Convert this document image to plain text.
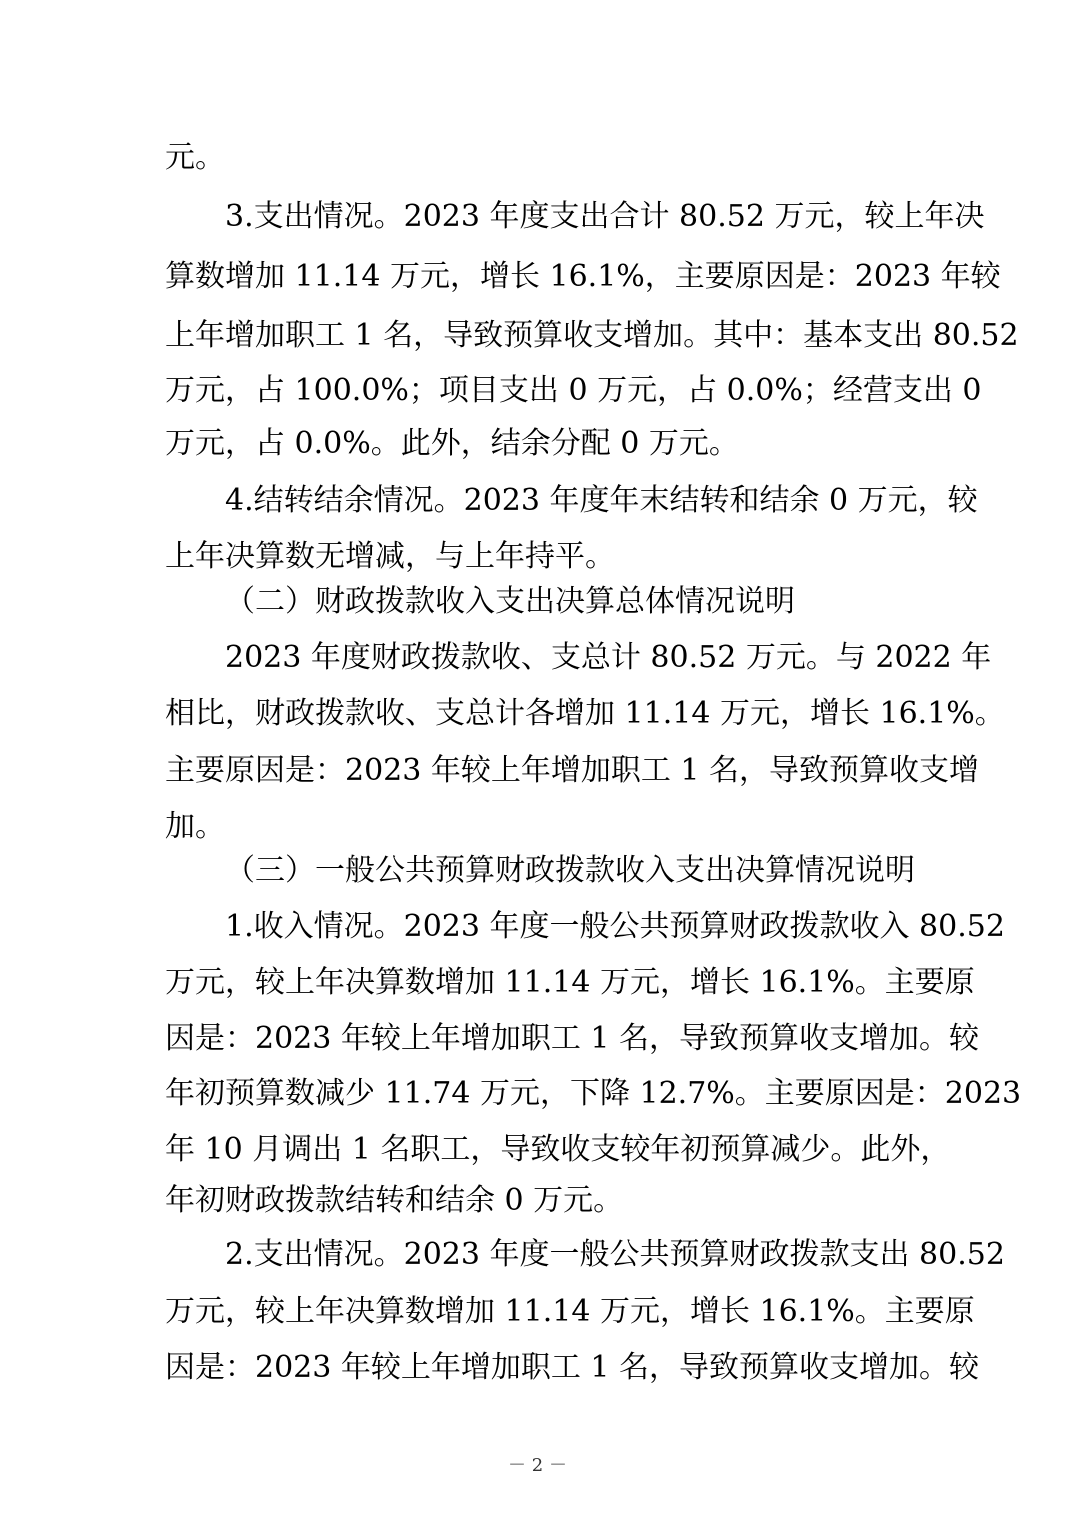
元。
3.支出情况。2023 年度支出合计 80.52 万元，较上年决
算数增加 11.14 万元，增长 16.1%，主要原因是：2023 年较
上年增加职工 1 名，导致预算收支增加。其中：基本支出 80.52
万元，占 100.0%；项目支出 0 万元，占 0.0%；经营支出 0
万元，占 0.0%。此外，结余分配 0 万元。
4.结转结余情况。2023 年度年末结转和结余 0 万元，较
上年决算数无增减，与上年持平。
（二）财政拨款收入支出决算总体情况说明
2023 年度财政拨款收、支总计 80.52 万元。与 2022 年
相比，财政拨款收、支总计各增加 11.14 万元，增长 16.1%。
主要原因是：2023 年较上年增加职工 1 名，导致预算收支增
加。
（三）一般公共预算财政拨款收入支出决算情况说明
1.收入情况。2023 年度一般公共预算财政拨款收入 80.52
万元，较上年决算数增加 11.14 万元，增长 16.1%。主要原
因是：2023 年较上年增加职工 1 名，导致预算收支增加。较
年初预算数减少 11.74 万元，下降 12.7%。主要原因是：2023
年 10 月调出 1 名职工，导致收支较年初预算减少。此外，
年初财政拨款结转和结余 0 万元。
2.支出情况。2023 年度一般公共预算财政拨款支出 80.52
万元，较上年决算数增加 11.14 万元，增长 16.1%。主要原
因是：2023 年较上年增加职工 1 名，导致预算收支增加。较
－ 2 －
